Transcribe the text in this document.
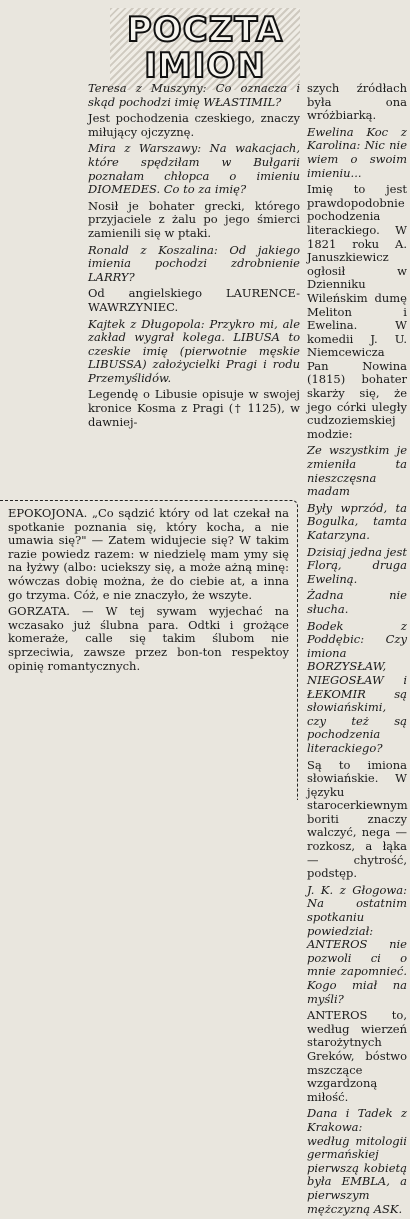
POCZTA
IMION

Teresa z Muszyny: Co oznacza i skąd pochodzi imię WŁASTIMIL?

Jest pochodzenia czeskiego, znaczy miłujący ojczyznę.

Mira z Warszawy: Na wakacjach, które spędziłam w Bułgarii poznałam chłopca o imieniu DIOMEDES. Co to za imię?

Nosił je bohater grecki, którego przyjaciele z żalu po jego śmierci zamienili się w ptaki.

Ronald z Koszalina: Od jakiego imienia pochodzi zdrobnienie LARRY?

Od angielskiego LAURENCE-WAWRZYNIEC.

Kajtek z Długopola: Przykro mi, ale zakład wygrał kolega. LIBUSA to czeskie imię (pierwotnie męskie LIBUSSA) założycielki Pragi i rodu Przemyślidów.

Legendę o Libusie opisuje w swojej kronice Kosma z Pragi († 1125), w dawniej-

szych źródłach była ona wróżbiarką.

Ewelina Koc z Karolina: Nic nie wiem o swoim imieniu...

Imię to jest prawdopodobnie pochodzenia literackiego. W 1821 roku A. Januszkiewicz ogłosił w Dzienniku Wileńskim dumę Meliton i Ewelina. W komedii J. U. Niemcewicza Pan Nowina (1815) bohater skarży się, że jego córki uległy cudzoziemskiej modzie:

Ze wszystkim je zmieniła ta nieszczęsna madam

Były wprzód, ta Bogulka, tamta Katarzyna.

Dzisiaj jedna jest Florą, druga Eweliną.

Żadna nie słucha.

Bodek z Poddębic: Czy imiona BORZYSŁAW, NIEGOSŁAW i ŁEKOMIR są słowiańskimi, czy też są pochodzenia literackiego?

Są to imiona słowiańskie. W języku starocerkiewnym boriti znaczy walczyć, nega — rozkosz, a łąka — chytrość, podstęp.

J. K. z Głogowa: Na ostatnim spotkaniu powiedział: ANTEROS nie pozwoli ci o mnie zapomnieć. Kogo miał na myśli?

ANTEROS to, według wierzeń starożytnych Greków, bóstwo mszczące wzgardzoną miłość.

Dana i Tadek z Krakowa: według mitologii germańskiej pierwszą kobietą była EMBLA, a pierwszym mężczyzną ASK.

EPOKOJONA. „Co sądzić który od lat czekał na spotkanie poznania się, który kocha, a nie umawia się?" — Zatem widujecie się? W takim razie powiedz razem: w niedzielę mam ymy się na łyżwy (albo: uciekszy się, a może ażną minę: wówczas dobię można, że do ciebie at, a inna go trzyma. Cóż, e nie znaczyło, że wszyte.

GORZATA. — W tej sywam wyjechać na wczasako już ślubna para. Odtki i grożące komeraże, calle się takim ślubom nie sprzeciwia, zawsze przez bon-ton respektoy opinię romantycznych.
